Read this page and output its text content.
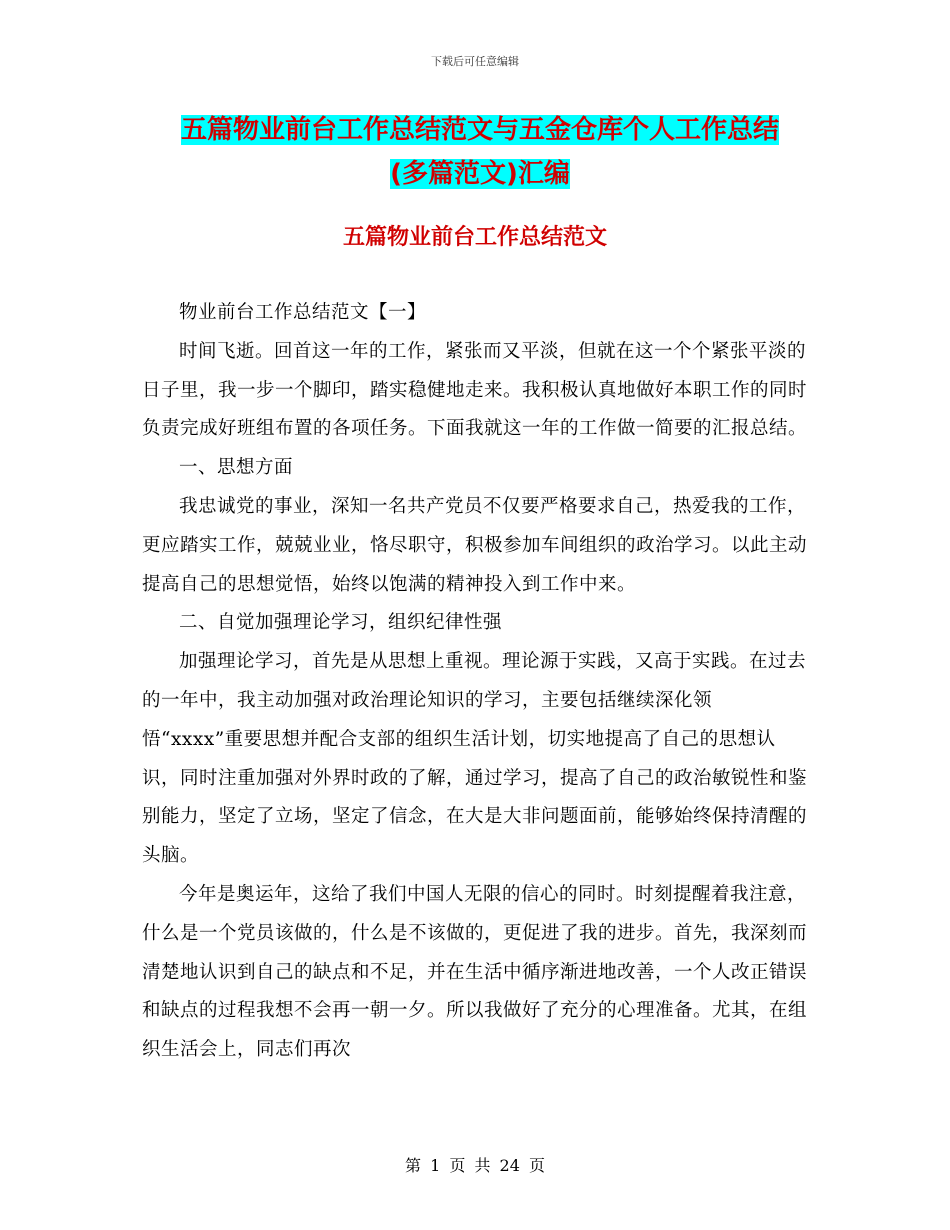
下载后可任意编辑
五篇物业前台工作总结范文与五金仓库个人工作总结
(多篇范文)汇编
五篇物业前台工作总结范文

物业前台工作总结范文【一】

时间飞逝。回首这一年的工作，紧张而又平淡，但就在这一个个紧张平淡的日子里，我一步一个脚印，踏实稳健地走来。我积极认真地做好本职工作的同时负责完成好班组布置的各项任务。下面我就这一年的工作做一简要的汇报总结。

一、思想方面

我忠诚党的事业，深知一名共产党员不仅要严格要求自己，热爱我的工作，更应踏实工作，兢兢业业，恪尽职守，积极参加车间组织的政治学习。以此主动提高自己的思想觉悟，始终以饱满的精神投入到工作中来。

二、自觉加强理论学习，组织纪律性强

加强理论学习，首先是从思想上重视。理论源于实践，又高于实践。在过去的一年中，我主动加强对政治理论知识的学习，主要包括继续深化领悟“xxxx”重要思想并配合支部的组织生活计划，切实地提高了自己的思想认识，同时注重加强对外界时政的了解，通过学习，提高了自己的政治敏锐性和鉴别能力，坚定了立场，坚定了信念，在大是大非问题面前，能够始终保持清醒的头脑。

今年是奥运年，这给了我们中国人无限的信心的同时。时刻提醒着我注意，什么是一个党员该做的，什么是不该做的，更促进了我的进步。首先，我深刻而清楚地认识到自己的缺点和不足，并在生活中循序渐进地改善，一个人改正错误和缺点的过程我想不会再一朝一夕。所以我做好了充分的心理准备。尤其，在组织生活会上，同志们再次

第 1 页 共 24 页
